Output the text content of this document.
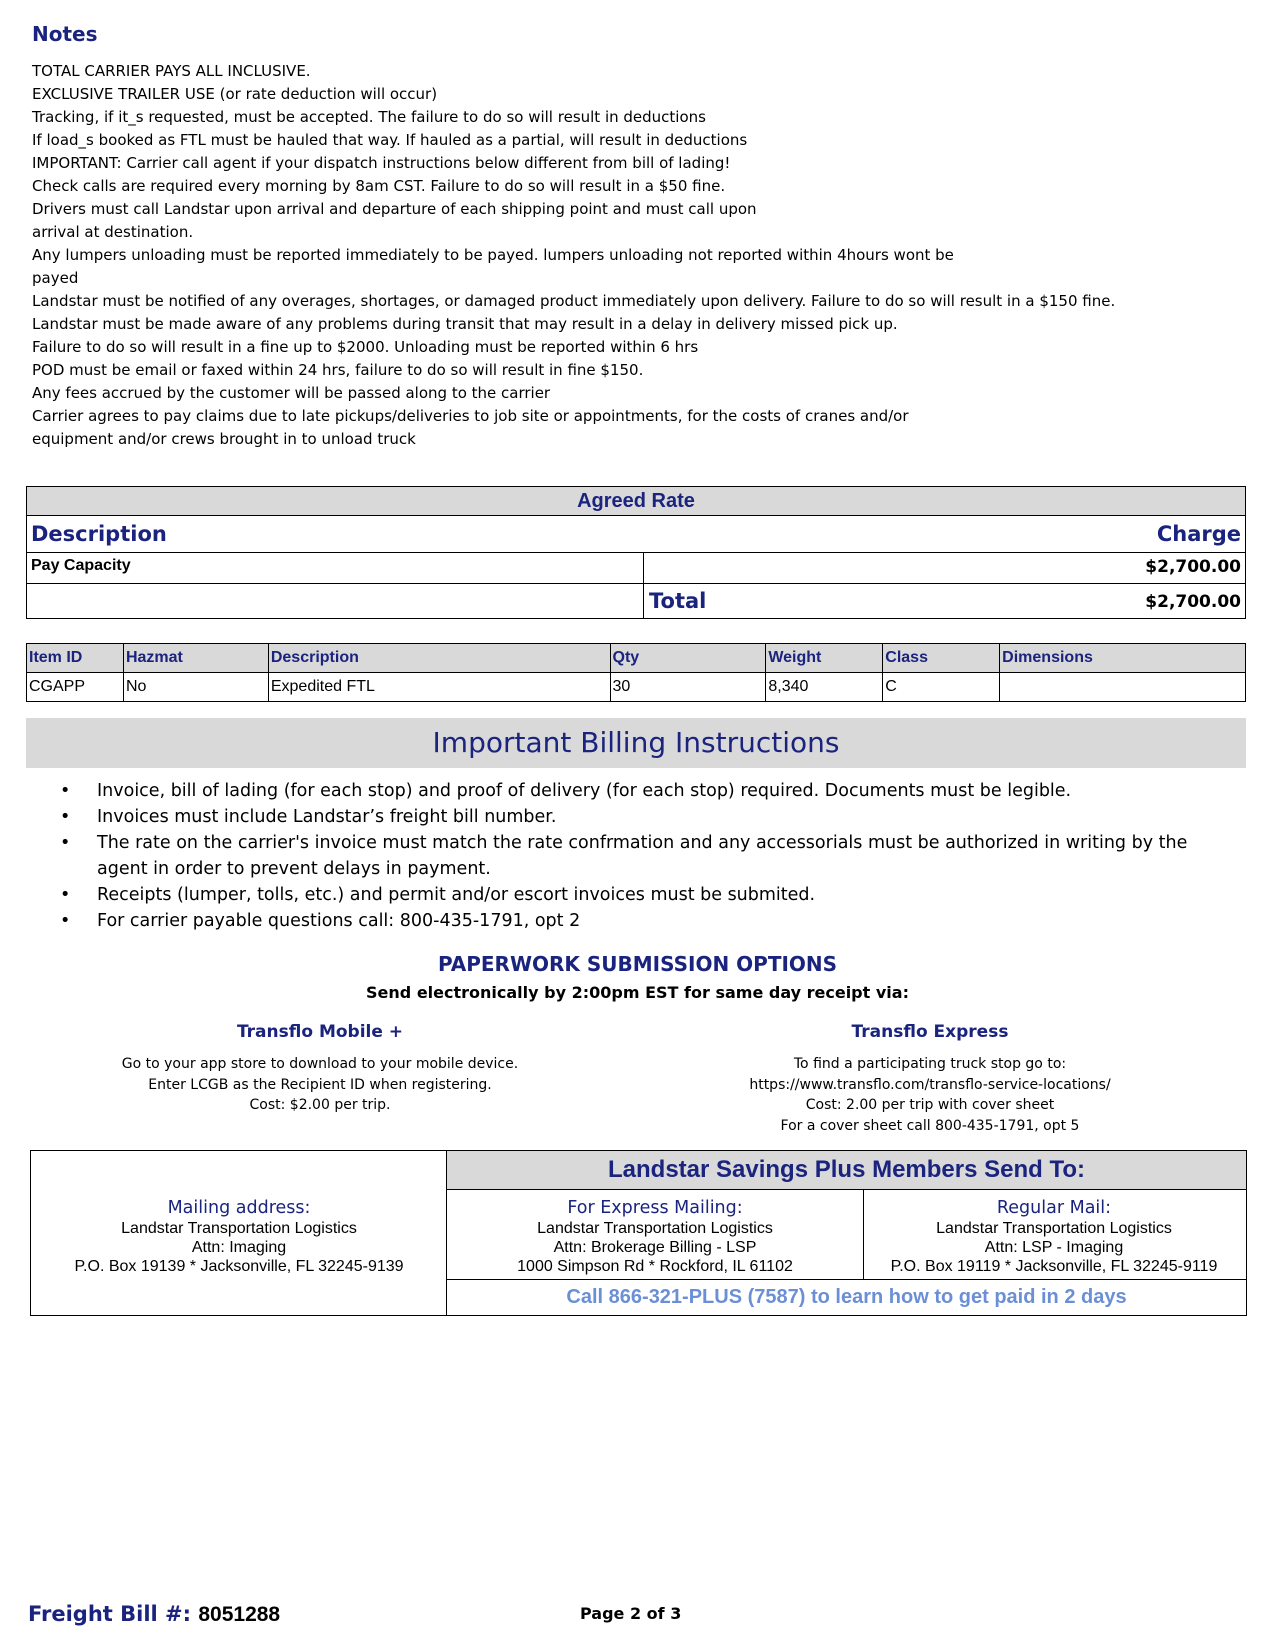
Notes
TOTAL CARRIER PAYS ALL INCLUSIVE.
EXCLUSIVE TRAILER USE (or rate deduction will occur)
Tracking, if it_s requested, must be accepted. The failure to do so will result in deductions
If load_s booked as FTL must be hauled that way. If hauled as a partial, will result in deductions
IMPORTANT: Carrier call agent if your dispatch instructions below different from bill of lading!
Check calls are required every morning by 8am CST. Failure to do so will result in a $50 fine.
Drivers must call Landstar upon arrival and departure of each shipping point and must call upon
arrival at destination.
Any lumpers unloading must be reported immediately to be payed. lumpers unloading not reported within 4hours wont be
payed
Landstar must be notified of any overages, shortages, or damaged product immediately upon delivery. Failure to do so will result in a $150 fine.
Landstar must be made aware of any problems during transit that may result in a delay in delivery missed pick up.
Failure to do so will result in a fine up to $2000. Unloading must be reported within 6 hrs
POD must be email or faxed within 24 hrs, failure to do so will result in fine $150.
Any fees accrued by the customer will be passed along to the carrier
Carrier agrees to pay claims due to late pickups/deliveries to job site or appointments, for the costs of cranes and/or
equipment and/or crews brought in to unload truck
Agreed Rate
Description	Charge
Pay Capacity	$2,700.00
Total	$2,700.00
Item ID	Hazmat	Description	Qty	Weight	Class	Dimensions
CGAPP	No	Expedited FTL	30	8,340	C	
Important Billing Instructions
• Invoice, bill of lading (for each stop) and proof of delivery (for each stop) required. Documents must be legible.
• Invoices must include Landstar’s freight bill number.
• The rate on the carrier's invoice must match the rate confrmation and any accessorials must be authorized in writing by the agent in order to prevent delays in payment.
• Receipts (lumper, tolls, etc.) and permit and/or escort invoices must be submited.
• For carrier payable questions call: 800-435-1791, opt 2
PAPERWORK SUBMISSION OPTIONS
Send electronically by 2:00pm EST for same day receipt via:
Transflo Mobile +
Go to your app store to download to your mobile device.
Enter LCGB as the Recipient ID when registering.
Cost: $2.00 per trip.
Transflo Express
To find a participating truck stop go to:
https://www.transflo.com/transflo-service-locations/
Cost: 2.00 per trip with cover sheet
For a cover sheet call 800-435-1791, opt 5
Mailing address:
Landstar Transportation Logistics
Attn: Imaging
P.O. Box 19139 * Jacksonville, FL 32245-9139
Landstar Savings Plus Members Send To:
For Express Mailing:
Landstar Transportation Logistics
Attn: Brokerage Billing - LSP
1000 Simpson Rd * Rockford, IL 61102
Regular Mail:
Landstar Transportation Logistics
Attn: LSP - Imaging
P.O. Box 19119 * Jacksonville, FL 32245-9119
Call 866-321-PLUS (7587) to learn how to get paid in 2 days
Freight Bill #: 8051288	Page 2 of 3
